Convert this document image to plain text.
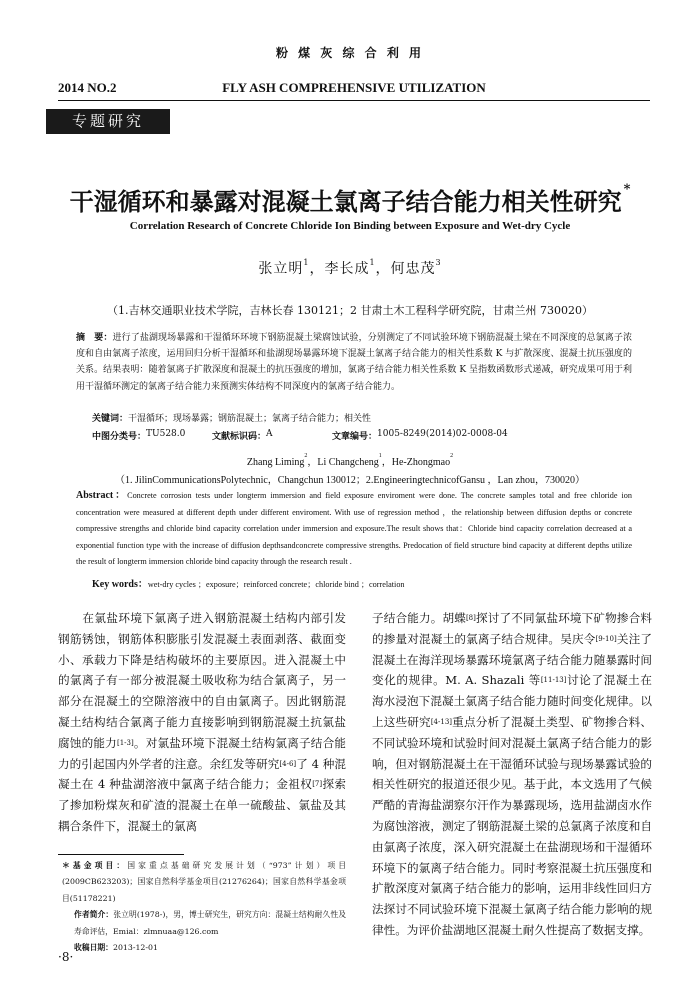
粉 煤 灰 综 合 利 用
2014 NO.2	FLY ASH COMPREHENSIVE UTILIZATION
专题研究
干湿循环和暴露对混凝土氯离子结合能力相关性研究 *
Correlation Research of Concrete Chloride Ion Binding between Exposure and Wet-dry Cycle
张立明$^1$，李长成$^1$，何忠茂$^3$
（1.吉林交通职业技术学院，吉林长春 130121；2 甘肃土木工程科学研究院，甘肃兰州 730020）
摘　要：进行了盐湖现场暴露和干湿循环环境下钢筋混凝土梁腐蚀试验，分别测定了不同试验环境下钢筋混凝土梁在不同深度的总氯离子浓度和自由氯离子浓度，运用回归分析干湿循环和盐湖现场暴露环境下混凝土氯离子结合能力的相关性系数 K 与扩散深度、混凝土抗压强度的关系。结果表明：随着氯离子扩散深度和混凝土的抗压强度的增加，氯离子结合能力相关性系数 K 呈指数函数形式递减，研究成果可用于利用干湿循环测定的氯离子结合能力来预测实体结构不同深度内的氯离子结合能力。
关键词：干湿循环；现场暴露；钢筋混凝土；氯离子结合能力；相关性
中图分类号： TU528.0	文献标识码： A	文章编号： 1005-8249(2014)02-0008-04
Zhang Liming$^2$，Li Changcheng$^1$，He-Zhongmao$^2$
（1. JilinCommunicationsPolytechnic，Changchun 130012；2.EngineeringtechnicofGansu ，Lan zhou，730020）
Abstract：Concrete corrosion tests under longterm immersion and field exposure enviroment were done. The concrete samples total and free chloride ion concentration were measured at different depth under different enviroment. With use of regression method ，the relationship between diffusion depths or concrete compressive strengths and chloride bind capacity correlation under immersion and exposure.The result shows that：Chloride bind capacity correlation decreased at a exponential function type with the increase of diffusion depthsandconcrete compressive strengths. Predocation of field structure bind capacity at different depths utilize the result of longterm immersion chloride bind capacity through the research result .
Key words：wet-dry cycles ；exposure；reinforced concrete；chloride bind ；correlation
在氯盐环境下氯离子进入钢筋混凝土结构内部引发钢筋锈蚀，钢筋体积膨胀引发混凝土表面剥落、截面变小、承载力下降是结构破坏的主要原因。进入混凝土中的氯离子有一部分被混凝土吸收称为结合氯离子，另一部分在混凝土的空隙溶液中的自由氯离子。因此钢筋混凝土结构结合氯离子能力直接影响到钢筋混凝土抗氯盐腐蚀的能力[1-3]。对氯盐环境下混凝土结构氯离子结合能力的引起国内外学者的注意。余红发等研究[4-6]了 4 种混凝土在 4 种盐湖溶液中氯离子结合能力；金祖权[7]探索了掺加粉煤灰和矿渣的混凝土在单一硫酸盐、氯盐及其耦合条件下，混凝土的氯离
子结合能力。胡蝶[8]探讨了不同氯盐环境下矿物掺合料的掺量对混凝土的氯离子结合规律。吴庆令[9-10]关注了混凝土在海洋现场暴露环境氯离子结合能力随暴露时间变化的规律。M. A. Shazali 等[11-13]讨论了混凝土在海水浸泡下混凝土氯离子结合能力随时间变化规律。以上这些研究[4-13]重点分析了混凝土类型、矿物掺合料、不同试验环境和试验时间对混凝土氯离子结合能力的影响，但对钢筋混凝土在干湿循环试验与现场暴露试验的相关性研究的报道还很少见。基于此，本文选用了气候严酷的青海盐湖察尔汗作为暴露现场，选用盐湖卤水作为腐蚀溶液，测定了钢筋混凝土梁的总氯离子浓度和自由氯离子浓度，深入研究混凝土在盐湖现场和干湿循环环境下的氯离子结合能力。同时考察混凝土抗压强度和扩散深度对氯离子结合能力的影响，运用非线性回归方法探讨不同试验环境下混凝土氯离子结合能力影响的规律性。为评价盐湖地区混凝土耐久性提高了数据支撑。
＊基金项目：国家重点基础研究发展计划（“973”计划）项目(2009CB623203)；国家自然科学基金项目(21276264)；国家自然科学基金项目(51178221)
作者简介：张立明(1978-)，男，博士研究生，研究方向：混凝土结构耐久性及寿命评估，Emial：zlmnuaa@126.com
收稿日期：2013-12-01
·8·
